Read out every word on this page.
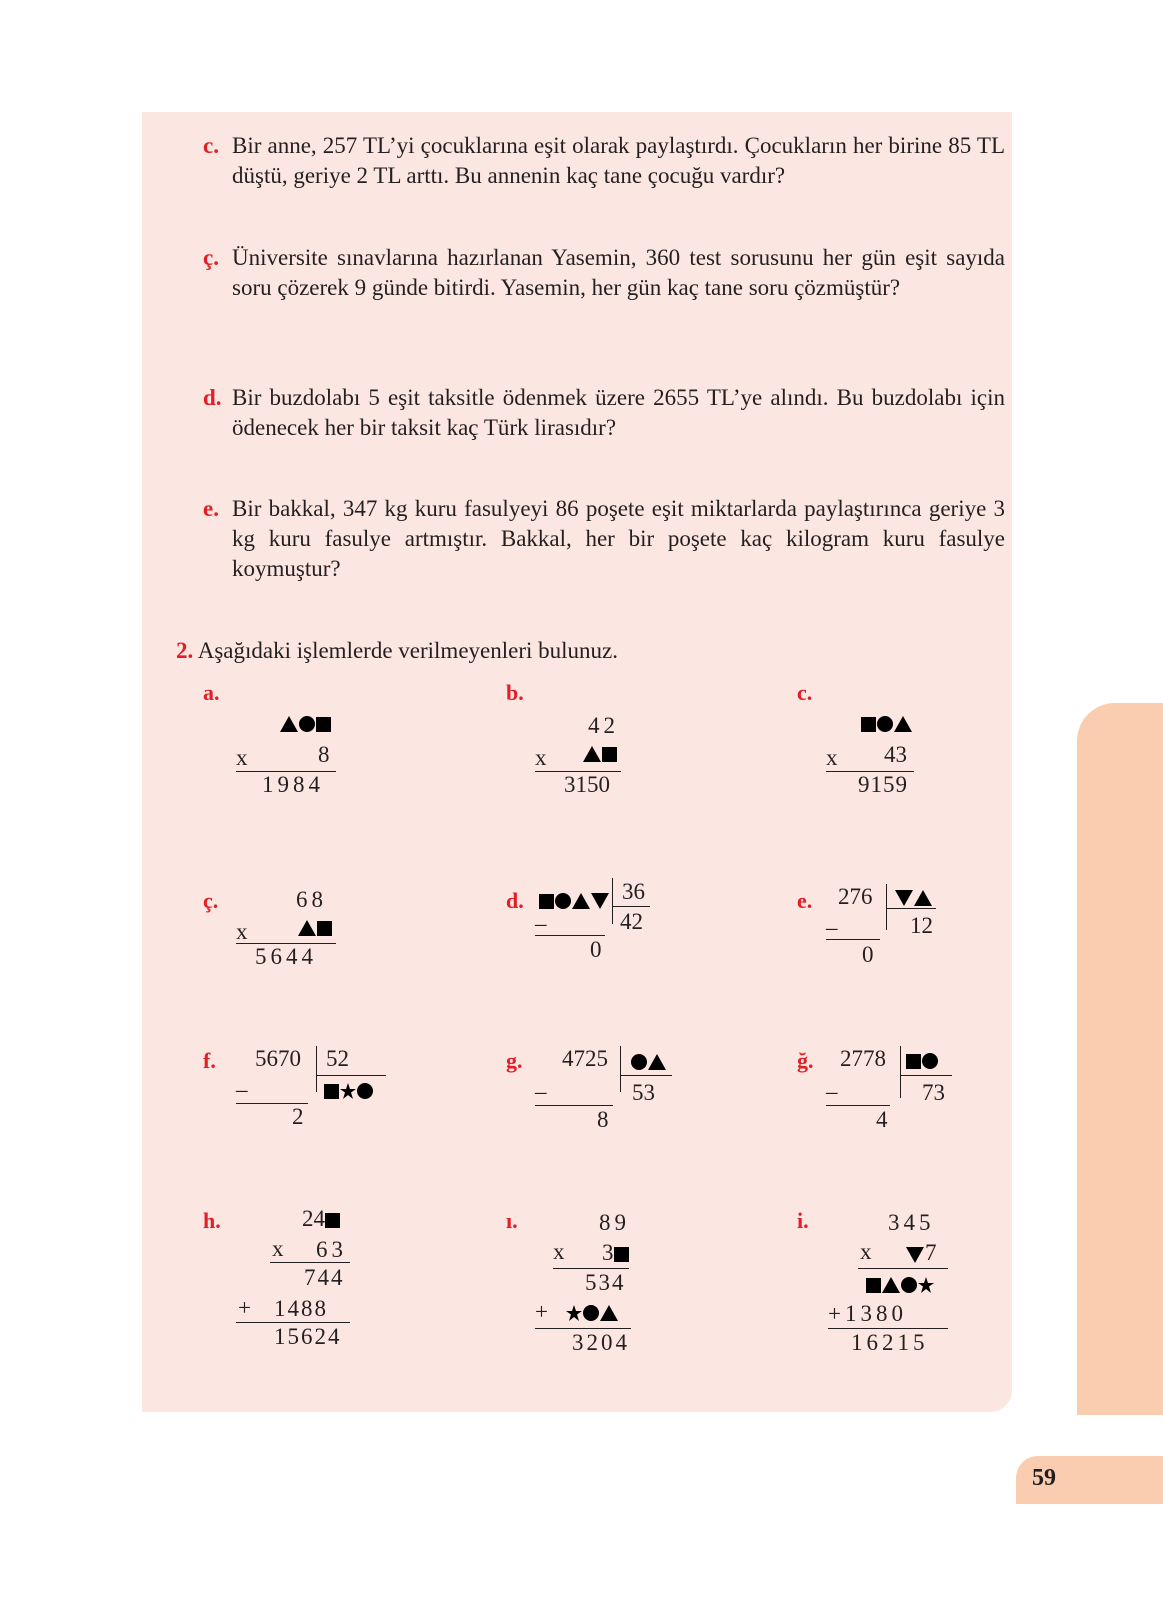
59
c. Bir anne, 257 TL’yi çocuklarına eşit olarak paylaştırdı. Çocukların her birine 85 TL düştü, geriye 2 TL arttı. Bu annenin kaç tane çocuğu vardır?
ç. Üniversite sınavlarına hazırlanan Yasemin, 360 test sorusunu her gün eşit sayıda soru çözerek 9 günde bitirdi. Yasemin, her gün kaç tane soru çözmüştür?
d. Bir buzdolabı 5 eşit taksitle ödenmek üzere 2655 TL’ye alındı. Bu buzdolabı için ödenecek her bir taksit kaç Türk lirasıdır?
e. Bir bakkal, 347 kg kuru fasulyeyi 86 poşete eşit miktarlarda paylaştırınca geriye 3 kg kuru fasulye artmıştır. Bakkal, her bir poşete kaç kilogram kuru fasulye koymuştur?
2. Aşağıdaki işlemlerde verilmeyenleri bulunuz.
a.
x	8
1984
b.
42
x
3150
c.
x 43
9159
ç.	68
x
5644
d.	36
42
–
0
e. 276
12
–
0
f. 5670 52
–
2
g. 4725
53
–
8
ğ. 2778
73
–
4
h.	24
x 63
744
+ 1488
15624
ı.	89
x 3
534
+
3204
i.	345
x	7
+ 1380
16215
